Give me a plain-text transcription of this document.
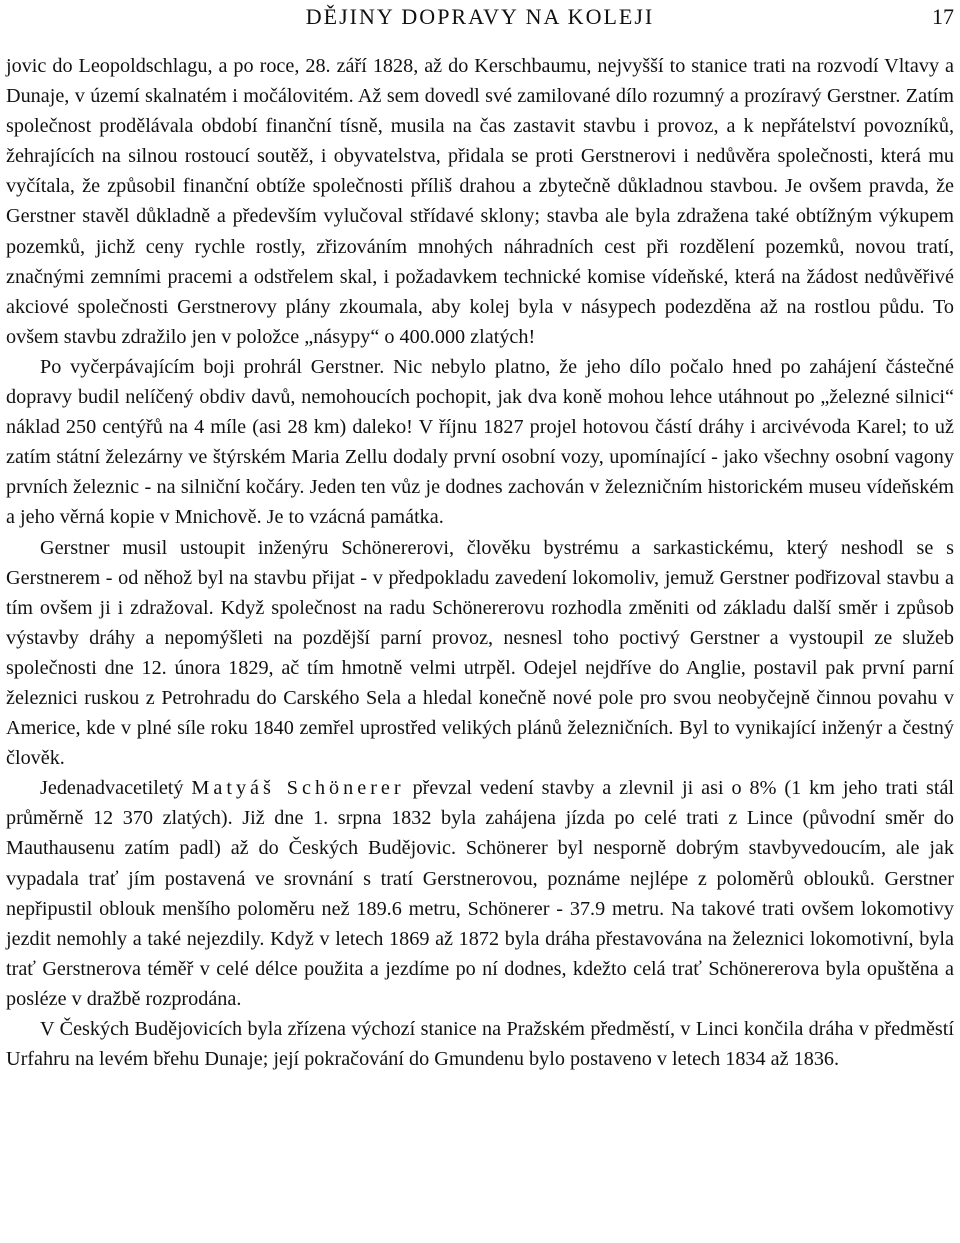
DĚJINY DOPRAVY NA KOLEJI	17

jovic do Leopoldschlagu, a po roce, 28. září 1828, až do Kerschbaumu, nejvyšší to stanice trati na rozvodí Vltavy a Dunaje, v území skalnatém i močálovitém. Až sem dovedl své zamilované dílo rozumný a prozíravý Gerstner. Zatím společnost prodělávala období finanční tísně, musila na čas zastavit stavbu i provoz, a k nepřátelství povozníků, žehrajících na silnou rostoucí soutěž, i obyvatelstva, přidala se proti Gerstnerovi i nedůvěra společnosti, která mu vyčítala, že způsobil finanční obtíže společnosti příliš drahou a zbytečně důkladnou stavbou. Je ovšem pravda, že Gerstner stavěl důkladně a především vylučoval střídavé sklony; stavba ale byla zdražena také obtížným výkupem pozemků, jichž ceny rychle rostly, zřizováním mnohých náhradních cest při rozdělení pozemků, novou tratí, značnými zemními pracemi a odstřelem skal, i požadavkem technické komise vídeňské, která na žádost nedůvěřivé akciové společnosti Gerstnerovy plány zkoumala, aby kolej byla v násypech podezděna až na rostlou půdu. To ovšem stavbu zdražilo jen v položce „násypy“ o 400.000 zlatých!

Po vyčerpávajícím boji prohrál Gerstner. Nic nebylo platno, že jeho dílo počalo hned po zahájení částečné dopravy budil nelíčený obdiv davů, nemohoucích pochopit, jak dva koně mohou lehce utáhnout po „železné silnici“ náklad 250 centýřů na 4 míle (asi 28 km) daleko! V říjnu 1827 projel hotovou částí dráhy i arcivévoda Karel; to už zatím státní železárny ve štýrském Maria Zellu dodaly první osobní vozy, upomínající - jako všechny osobní vagony prvních železnic - na silniční kočáry. Jeden ten vůz je dodnes zachován v železničním historickém museu vídeňském a jeho věrná kopie v Mnichově. Je to vzácná památka.

Gerstner musil ustoupit inženýru Schönererovi, člověku bystrému a sarkastickému, který neshodl se s Gerstnerem - od něhož byl na stavbu přijat - v předpokladu zavedení lokomoliv, jemuž Gerstner podřizoval stavbu a tím ovšem ji i zdražoval. Když společnost na radu Schönererovu rozhodla změniti od základu další směr i způsob výstavby dráhy a nepomýšleti na pozdější parní provoz, nesnesl toho poctivý Gerstner a vystoupil ze služeb společnosti dne 12. února 1829, ač tím hmotně velmi utrpěl. Odejel nejdříve do Anglie, postavil pak první parní železnici ruskou z Petrohradu do Carského Sela a hledal konečně nové pole pro svou neobyčejně činnou povahu v Americe, kde v plné síle roku 1840 zemřel uprostřed velikých plánů železničních. Byl to vynikající inženýr a čestný člověk.

Jedenadvacetiletý Matyáš Schönerer převzal vedení stavby a zlevnil ji asi o 8% (1 km jeho trati stál průměrně 12 370 zlatých). Již dne 1. srpna 1832 byla zahájena jízda po celé trati z Lince (původní směr do Mauthausenu zatím padl) až do Českých Budějovic. Schönerer byl nesporně dobrým stavbyvedoucím, ale jak vypadala trať jím postavená ve srovnání s tratí Gerstnerovou, poznáme nejlépe z poloměrů oblouků. Gerstner nepřipustil oblouk menšího poloměru než 189.6 metru, Schönerer - 37.9 metru. Na takové trati ovšem lokomotivy jezdit nemohly a také nejezdily. Když v letech 1869 až 1872 byla dráha přestavována na železnici lokomotivní, byla trať Gerstnerova téměř v celé délce použita a jezdíme po ní dodnes, kdežto celá trať Schönererova byla opuštěna a posléze v dražbě rozprodána.

V Českých Budějovicích byla zřízena výchozí stanice na Pražském předměstí, v Linci končila dráha v předměstí Urfahru na levém břehu Dunaje; její pokračování do Gmundenu bylo postaveno v letech 1834 až 1836.
